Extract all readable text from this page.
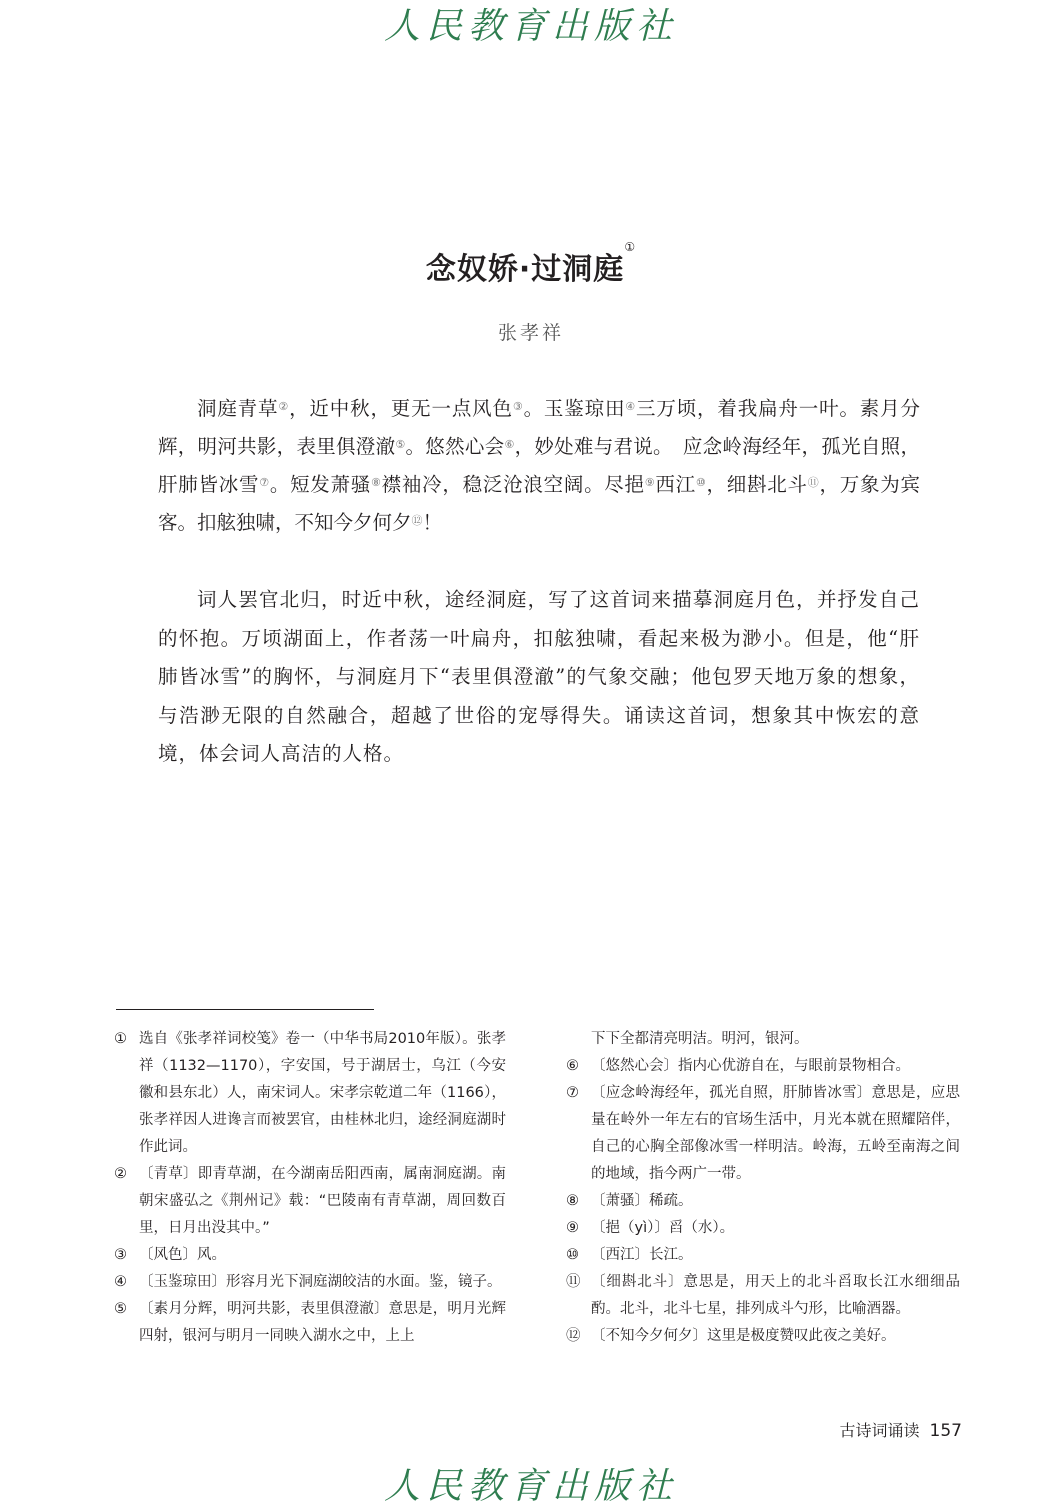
人民教育出版社
念奴娇·过洞庭①
张孝祥
洞庭青草②，近中秋，更无一点风色③。玉鉴琼田④三万顷，着我扁舟一叶。素月分辉，明河共影，表里俱澄澈⑤。悠然心会⑥，妙处难与君说。　应念岭海经年，孤光自照，肝肺皆冰雪⑦。短发萧骚⑧襟袖冷，稳泛沧浪空阔。尽挹⑨西江⑩，细斟北斗⑪，万象为宾客。扣舷独啸，不知今夕何夕⑫！
词人罢官北归，时近中秋，途经洞庭，写了这首词来描摹洞庭月色，并抒发自己的怀抱。万顷湖面上，作者荡一叶扁舟，扣舷独啸，看起来极为渺小。但是，他“肝肺皆冰雪”的胸怀，与洞庭月下“表里俱澄澈”的气象交融；他包罗天地万象的想象，与浩渺无限的自然融合，超越了世俗的宠辱得失。诵读这首词，想象其中恢宏的意境，体会词人高洁的人格。
① 选自《张孝祥词校笺》卷一（中华书局2010年版）。张孝祥（1132—1170），字安国，号于湖居士，乌江（今安徽和县东北）人，南宋词人。宋孝宗乾道二年（1166），张孝祥因人进谗言而被罢官，由桂林北归，途经洞庭湖时作此词。
② 〔青草〕即青草湖，在今湖南岳阳西南，属南洞庭湖。南朝宋盛弘之《荆州记》载：“巴陵南有青草湖，周回数百里，日月出没其中。”
③ 〔风色〕风。
④ 〔玉鉴琼田〕形容月光下洞庭湖皎洁的水面。鉴，镜子。
⑤ 〔素月分辉，明河共影，表里俱澄澈〕意思是，明月光辉四射，银河与明月一同映入湖水之中，上上
下下全都清亮明洁。明河，银河。
⑥ 〔悠然心会〕指内心优游自在，与眼前景物相合。
⑦ 〔应念岭海经年，孤光自照，肝肺皆冰雪〕意思是，应思量在岭外一年左右的官场生活中，月光本就在照耀陪伴，自己的心胸全部像冰雪一样明洁。岭海，五岭至南海之间的地域，指今两广一带。
⑧ 〔萧骚〕稀疏。
⑨ 〔挹（yì）〕舀（水）。
⑩ 〔西江〕长江。
⑪ 〔细斟北斗〕意思是，用天上的北斗舀取长江水细细品酌。北斗，北斗七星，排列成斗勺形，比喻酒器。
⑫ 〔不知今夕何夕〕这里是极度赞叹此夜之美好。
古诗词诵读 157
人民教育出版社
